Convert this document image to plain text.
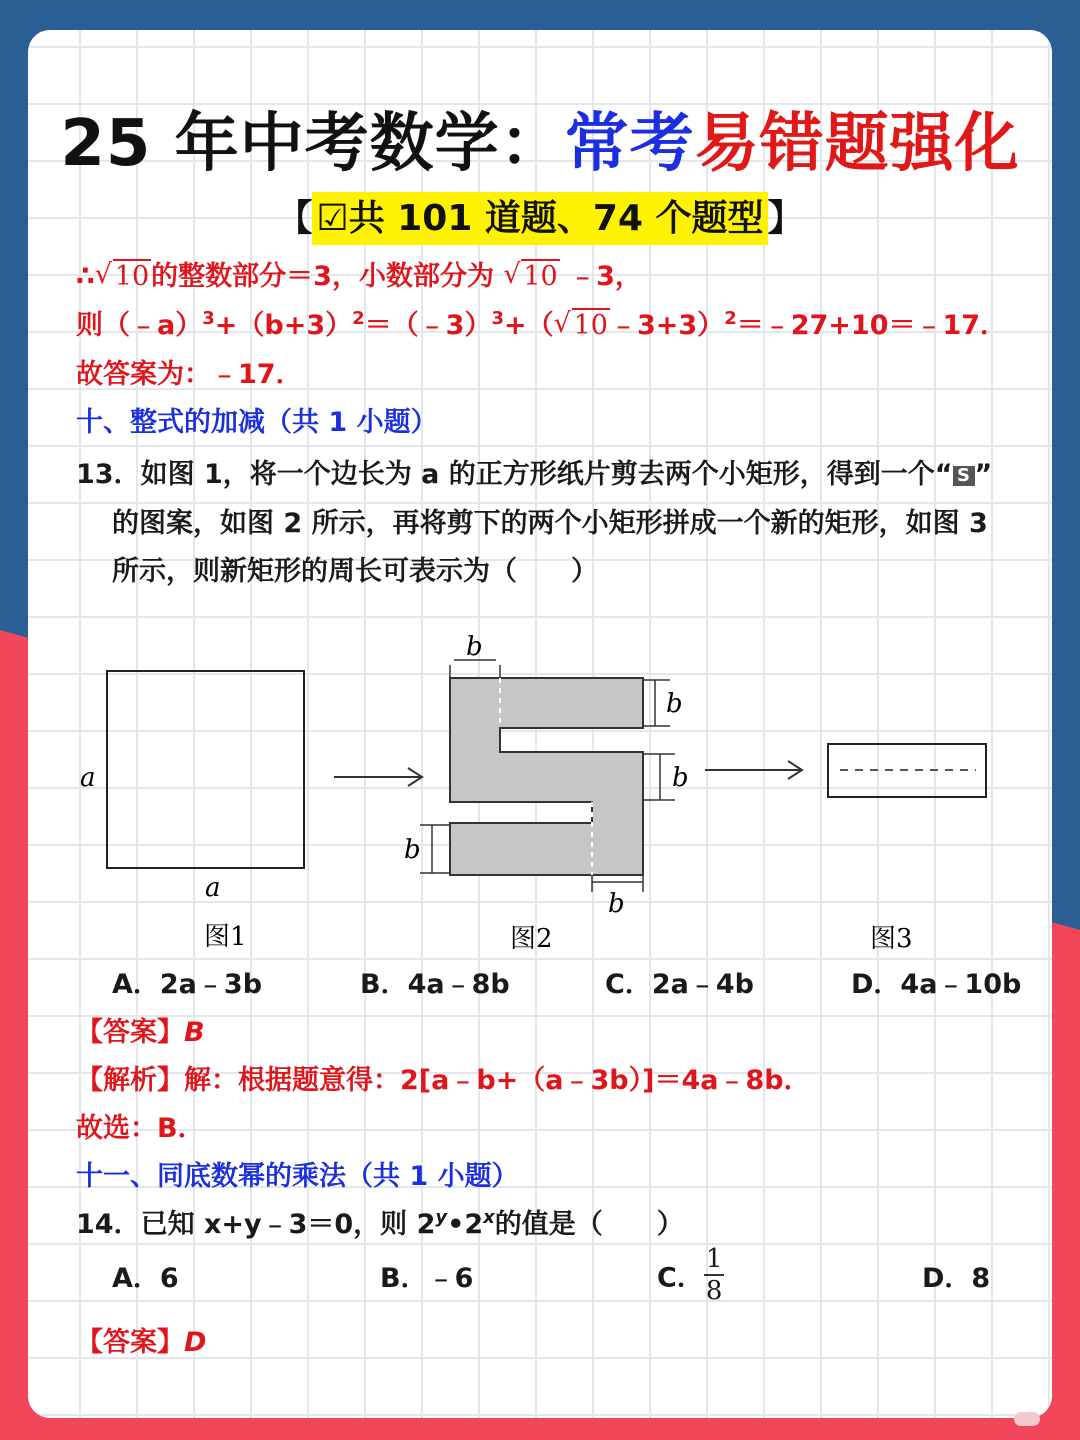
25 年中考数学：常考易错题强化
【 ☑共 101 道题、74 个题型 】
∴ √ 10的整数部分＝3，小数部分为 √ 10 ﹣3，
则$(﹣a)^3+(b+3)^2=(﹣3)^3+$（ √ 10﹣3+3）$^2$＝﹣27+10＝﹣17．
故答案为：﹣17．
十、整式的加减（共 1 小题）
13．如图 1，将一个边长为 a 的正方形纸片剪去两个小矩形，得到一个“ S ”
的图案，如图 2 所示，再将剪下的两个小矩形拼成一个新的矩形，如图 3
所示，则新矩形的周长可表示为（　　）
a
a
b
b
b
b
b
图1	图2	图3
A．2a﹣3b	B．4a﹣8b	C．2a﹣4b	D．4a﹣10b
【答案】B
【解析】解：根据题意得：2[a﹣b+（a﹣3b）]＝4a﹣8b．
故选：B．
十一、同底数幂的乘法（共 1 小题）
14．已知 x+y﹣3＝0，则 2$^y$•2$^x$的值是（　　）
A．6	B．﹣6	C． $\frac{1}{8}$	D．8
【答案】D
